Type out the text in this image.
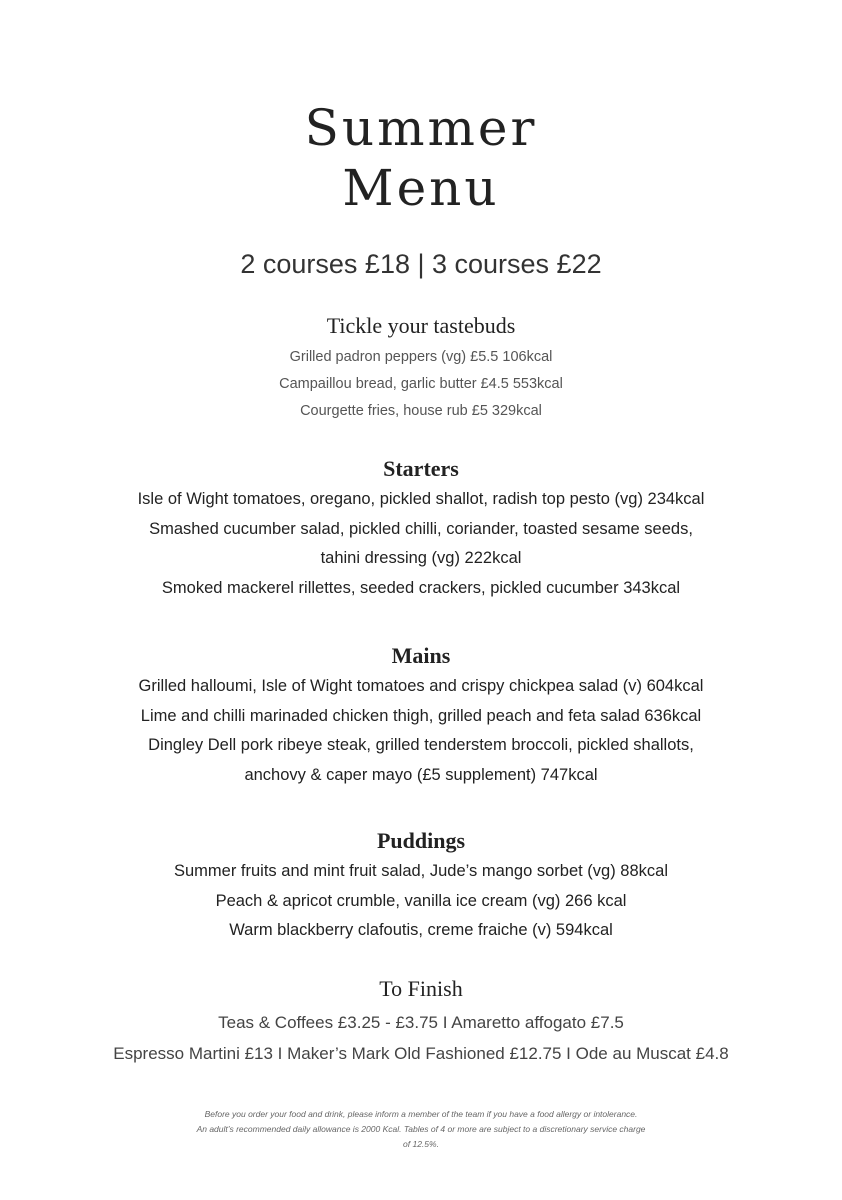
Summer
Menu
2 courses £18 | 3 courses £22
Tickle your tastebuds
Grilled padron peppers (vg) £5.5 106kcal
Campaillou bread, garlic butter £4.5 553kcal
Courgette fries, house rub £5 329kcal
Starters
Isle of Wight tomatoes, oregano, pickled shallot, radish top pesto (vg) 234kcal
Smashed cucumber salad, pickled chilli, coriander, toasted sesame seeds,
tahini dressing (vg) 222kcal
Smoked mackerel rillettes, seeded crackers, pickled cucumber 343kcal
Mains
Grilled halloumi, Isle of Wight tomatoes and crispy chickpea salad (v) 604kcal
Lime and chilli marinaded chicken thigh, grilled peach and feta salad 636kcal
Dingley Dell pork ribeye steak, grilled tenderstem broccoli, pickled shallots,
anchovy & caper mayo (£5 supplement) 747kcal
Puddings
Summer fruits and mint fruit salad, Jude’s mango sorbet (vg) 88kcal
Peach & apricot crumble, vanilla ice cream (vg) 266 kcal
Warm blackberry clafoutis, creme fraiche (v) 594kcal
To Finish
Teas & Coffees £3.25 - £3.75 I Amaretto affogato £7.5
Espresso Martini £13 I Maker’s Mark Old Fashioned £12.75 I Ode au Muscat £4.8
Before you order your food and drink, please inform a member of the team if you have a food allergy or intolerance.
An adult’s recommended daily allowance is 2000 Kcal. Tables of 4 or more are subject to a discretionary service charge
of 12.5%.
